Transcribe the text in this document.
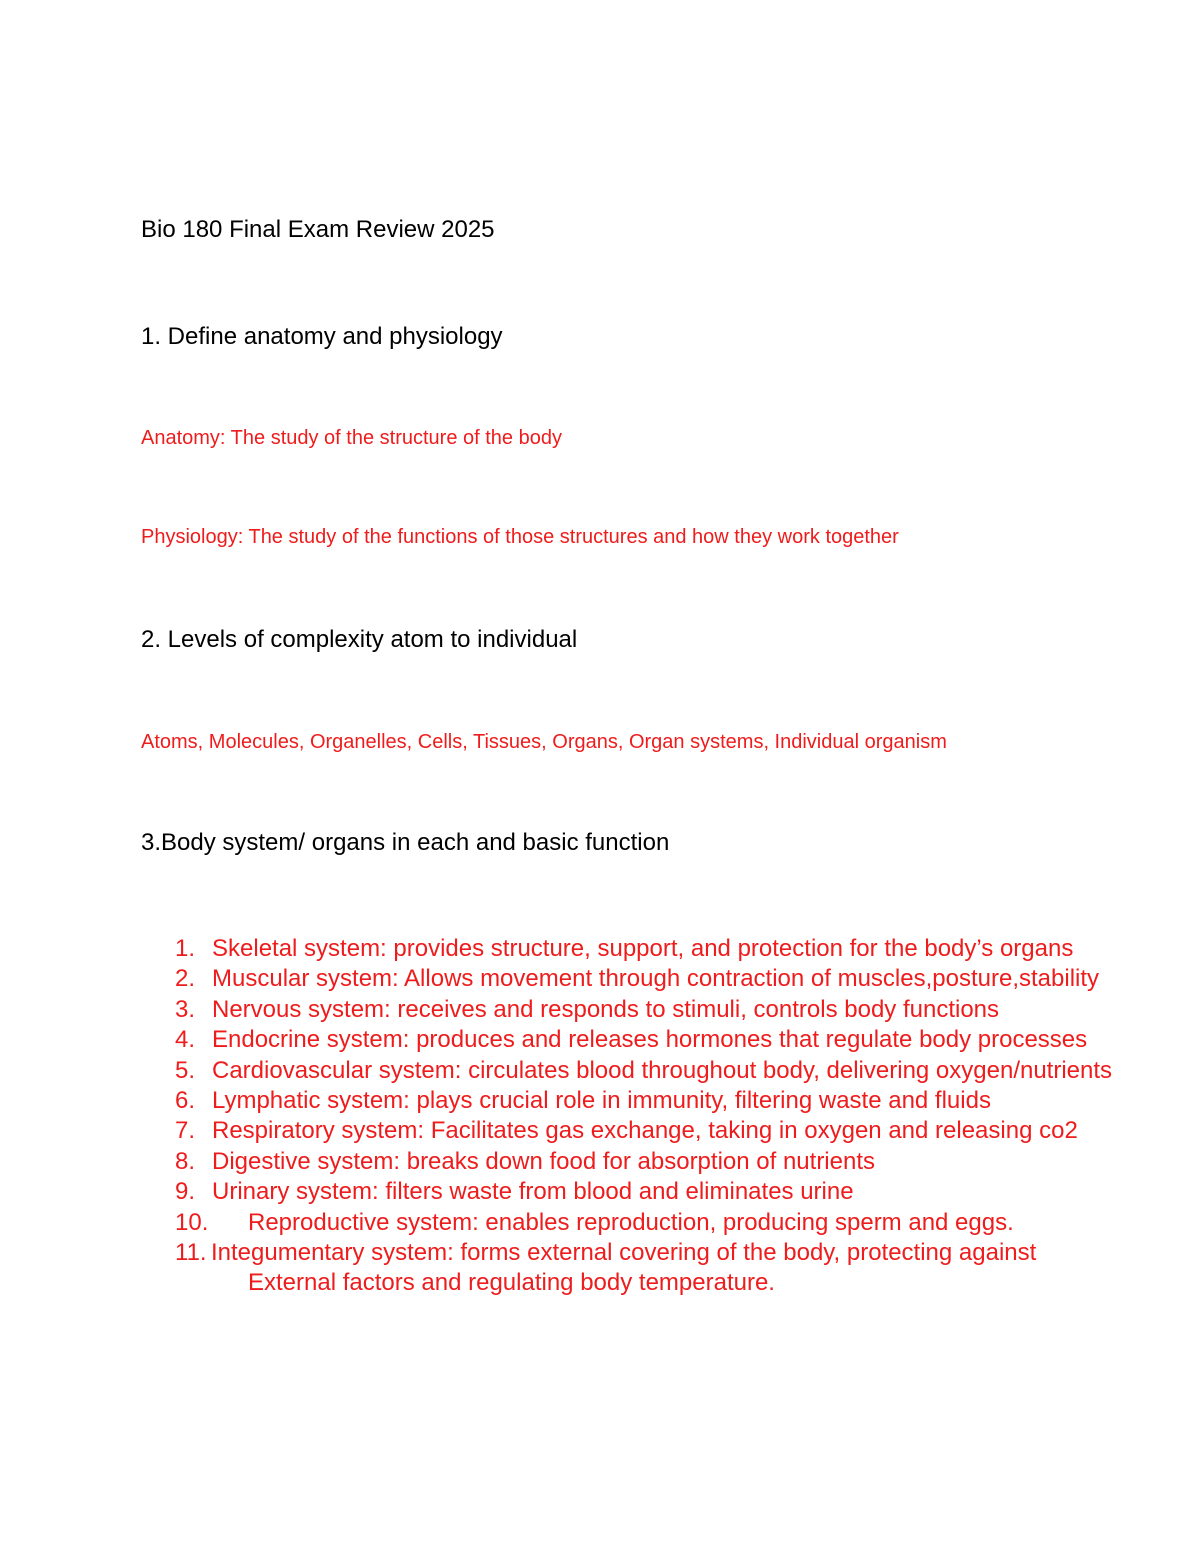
Bio 180 Final Exam Review 2025
1. Define anatomy and physiology
Anatomy: The study of the structure of the body
Physiology: The study of the functions of those structures and how they work together
2. Levels of complexity atom to individual
Atoms, Molecules, Organelles, Cells, Tissues, Organs, Organ systems, Individual organism
3.Body system/ organs in each and basic function
1. Skeletal system: provides structure, support, and protection for the body’s organs
2. Muscular system: Allows movement through contraction of muscles,posture,stability
3. Nervous system: receives and responds to stimuli, controls body functions
4. Endocrine system: produces and releases hormones that regulate body processes
5. Cardiovascular system: circulates blood throughout body, delivering oxygen/nutrients
6. Lymphatic system: plays crucial role in immunity, filtering waste and fluids
7. Respiratory system: Facilitates gas exchange, taking in oxygen and releasing co2
8. Digestive system: breaks down food for absorption of nutrients
9. Urinary system: filters waste from blood and eliminates urine
10. Reproductive system: enables reproduction, producing sperm and eggs.
11. Integumentary system: forms external covering of the body, protecting against
External factors and regulating body temperature.
